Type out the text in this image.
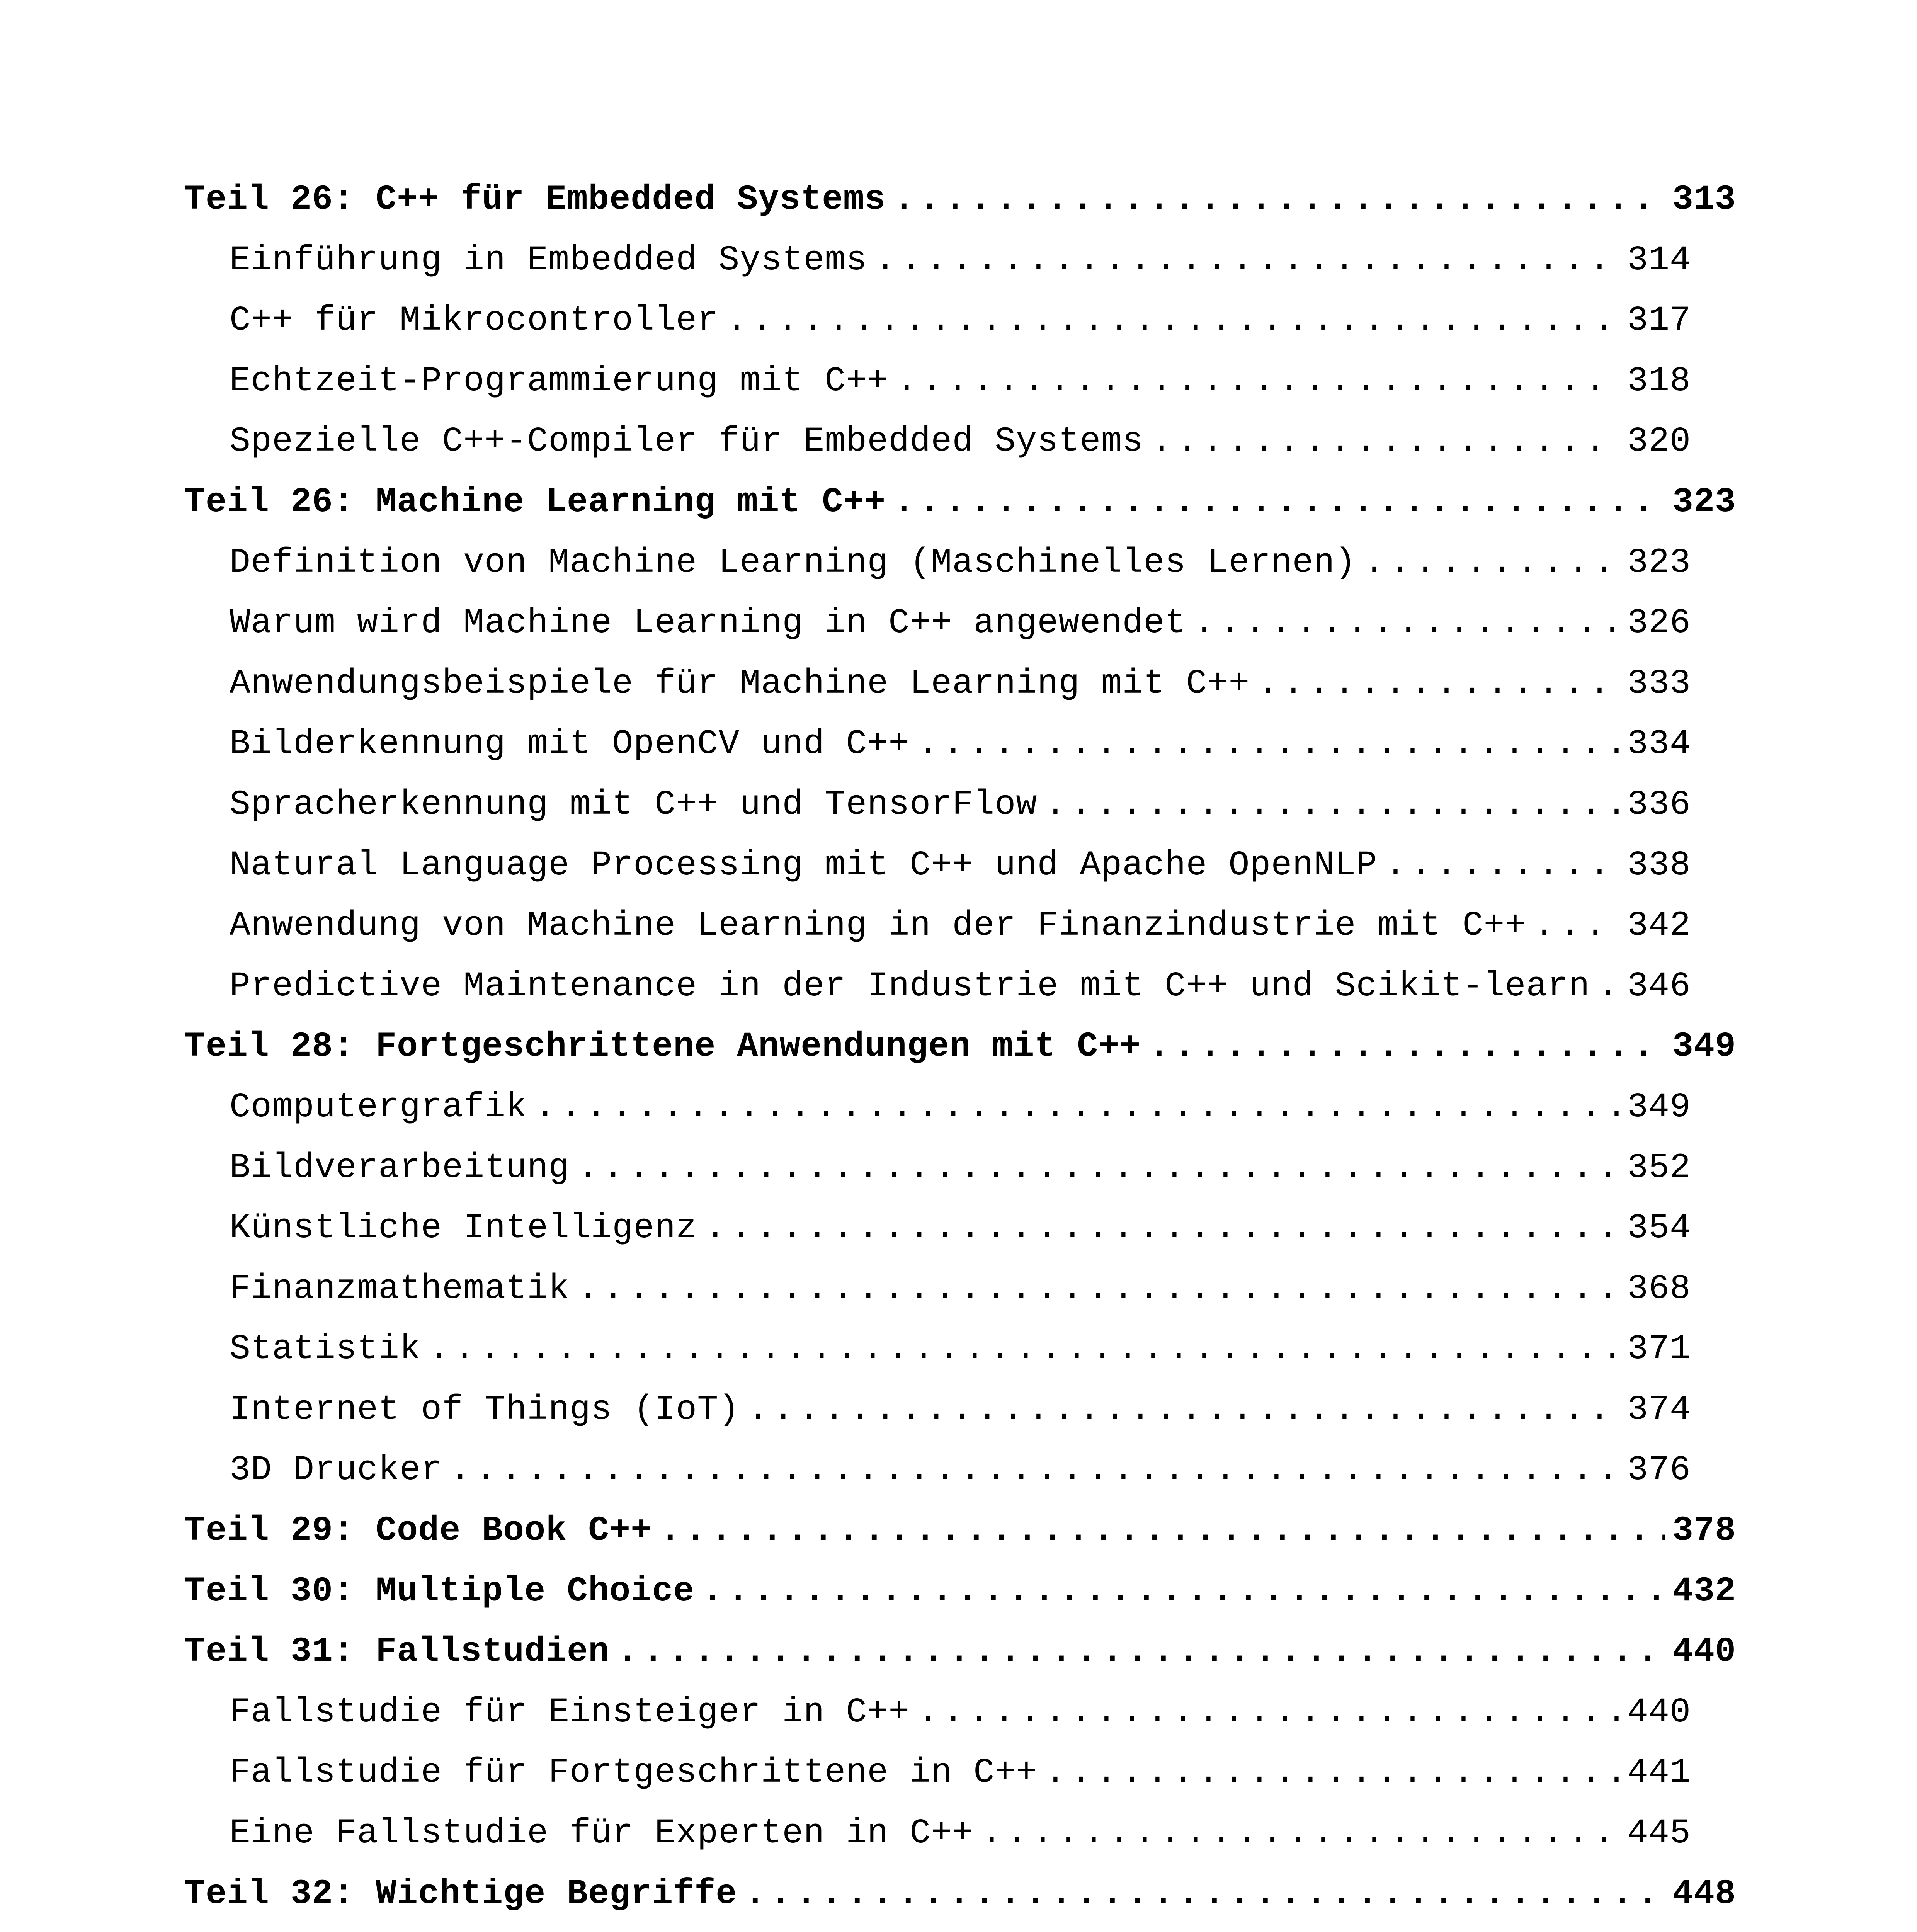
Teil 26: C++ für Embedded Systems .....	313
Einführung in Embedded Systems .....	314
C++ für Mikrocontroller .....	317
Echtzeit-Programmierung mit C++ .....	318
Spezielle C++-Compiler für Embedded Systems .....	320
Teil 26: Machine Learning mit C++ .....	323
Definition von Machine Learning (Maschinelles Lernen) .....	323
Warum wird Machine Learning in C++ angewendet .....	326
Anwendungsbeispiele für Machine Learning mit C++ .....	333
Bilderkennung mit OpenCV und C++ .....	334
Spracherkennung mit C++ und TensorFlow .....	336
Natural Language Processing mit C++ und Apache OpenNLP .....	338
Anwendung von Machine Learning in der Finanzindustrie mit C++ .....	342
Predictive Maintenance in der Industrie mit C++ und Scikit-learn ..... 346
Teil 28: Fortgeschrittene Anwendungen mit C++ .....	349
Computergrafik .....	349
Bildverarbeitung .....	352
Künstliche Intelligenz .....	354
Finanzmathematik .....	368
Statistik .....	371
Internet of Things (IoT) .....	374
3D Drucker .....	376
Teil 29: Code Book C++ .....	378
Teil 30: Multiple Choice .....	432
Teil 31: Fallstudien .....	440
Fallstudie für Einsteiger in C++ .....	440
Fallstudie für Fortgeschrittene in C++ .....	441
Eine Fallstudie für Experten in C++ .....	445
Teil 32: Wichtige Begriffe .....	448
